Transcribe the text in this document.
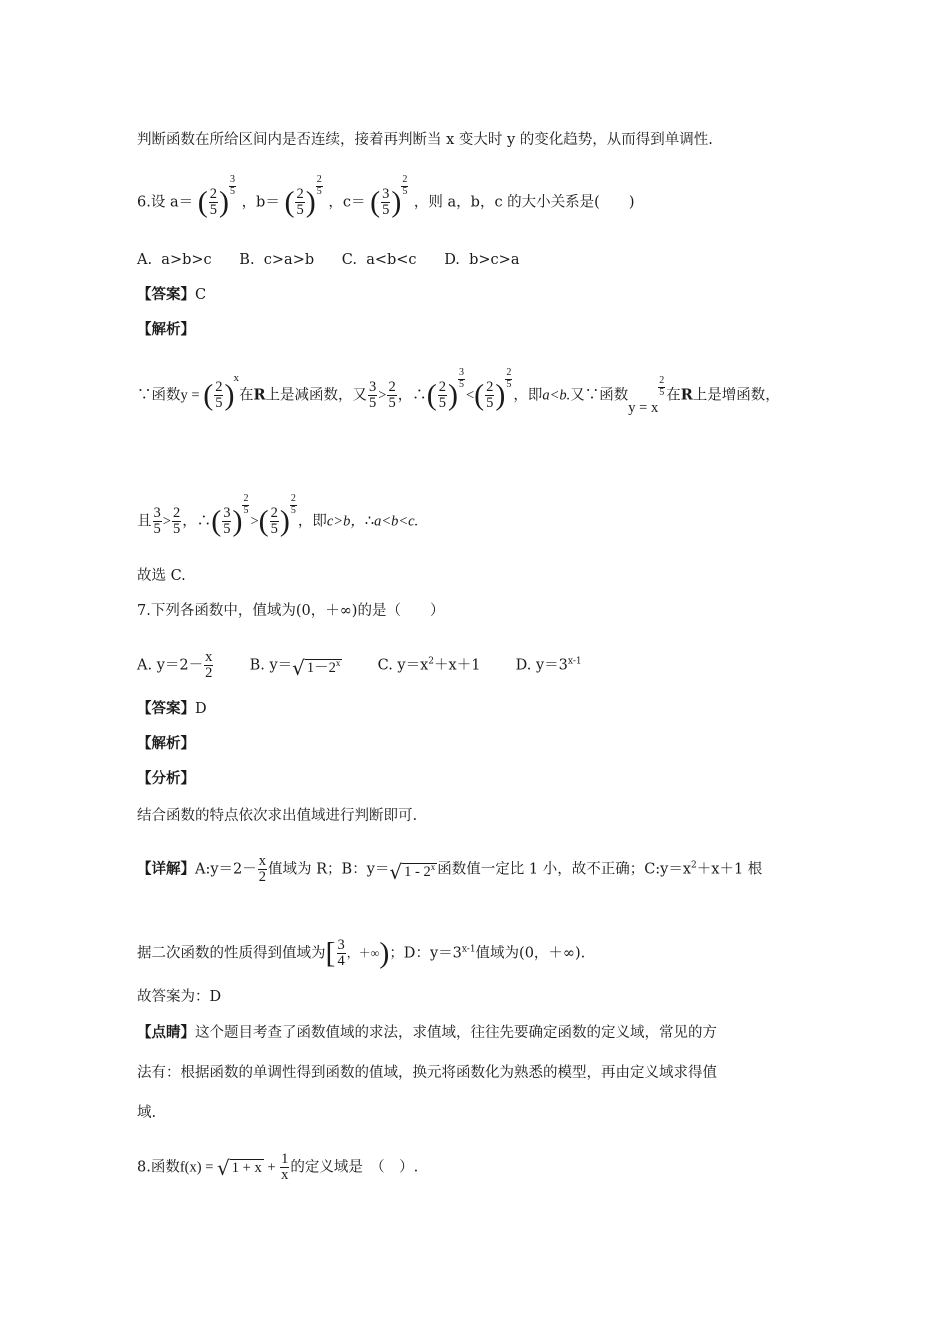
判断函数在所给区间内是否连续，接着再判断当 x 变大时 y 的变化趋势，从而得到单调性.
6.设 a＝ ( $\frac{2}{5}$ ) $\frac{3}{5}$
，b＝ ( $\frac{2}{5}$ ) $\frac{2}{5}$
，c＝ ( $\frac{3}{5}$ ) $\frac{2}{5}$
，则 a，b，c 的大小关系是(　　)
A.  a>b>c      B.  c>a>b      C.  a<b<c      D.  b>c>a
【答案】C
【解析】
∵函数y = ( $\frac{2}{5} )x$在R上是减函数，又 $\frac{3}{5} > \frac{2}{5}$ ，∴( $\frac{2}{5}$ ) $\frac{3}{5}$
<( $\frac{2}{5}$ ) $\frac{2}{5}$
，即a<b.又∵函数y = x
$\frac{2}{5}$ 在R上是增函数，
且 $\frac{3}{5} > \frac{2}{5}$ ，∴( $\frac{3}{5}$ ) $\frac{2}{5}$
>( $\frac{2}{5}$ ) $\frac{2}{5}$
，即c>b，∴a<b<c.
故选 C.
7.下列各函数中，值域为(0，＋∞)的是（　　）
A. $y=2- \frac{x}{2} B$. y＝√ $1-2^x$	C. $y=x^2+x+1$ D. $y=3^{x-1}$
【答案】D
【解析】
【分析】
结合函数的特点依次求出值域进行判断即可.
【详解】A:y＝2－ $\frac{x}{2}$ 值域为 R；B：y＝√ 1 - 2$^x$ 函数值一定比 1 小，故不正确；$C:y=x^2+x+1$ 根
据二次函数的性质得到值域为[ $\frac{3}{4}$ ，＋∞)；D：$y=3^{x-1}$值域为(0，＋∞).
故答案为：D
【点睛】这个题目考查了函数值域的求法，求值域，往往先要确定函数的定义域，常见的方
法有：根据函数的单调性得到函数的值域，换元将函数化为熟悉的模型，再由定义域求得值
域.
8.函数f(x) = √ $1 + x + \frac{1}{x}$ 的定义域是　（　）.
